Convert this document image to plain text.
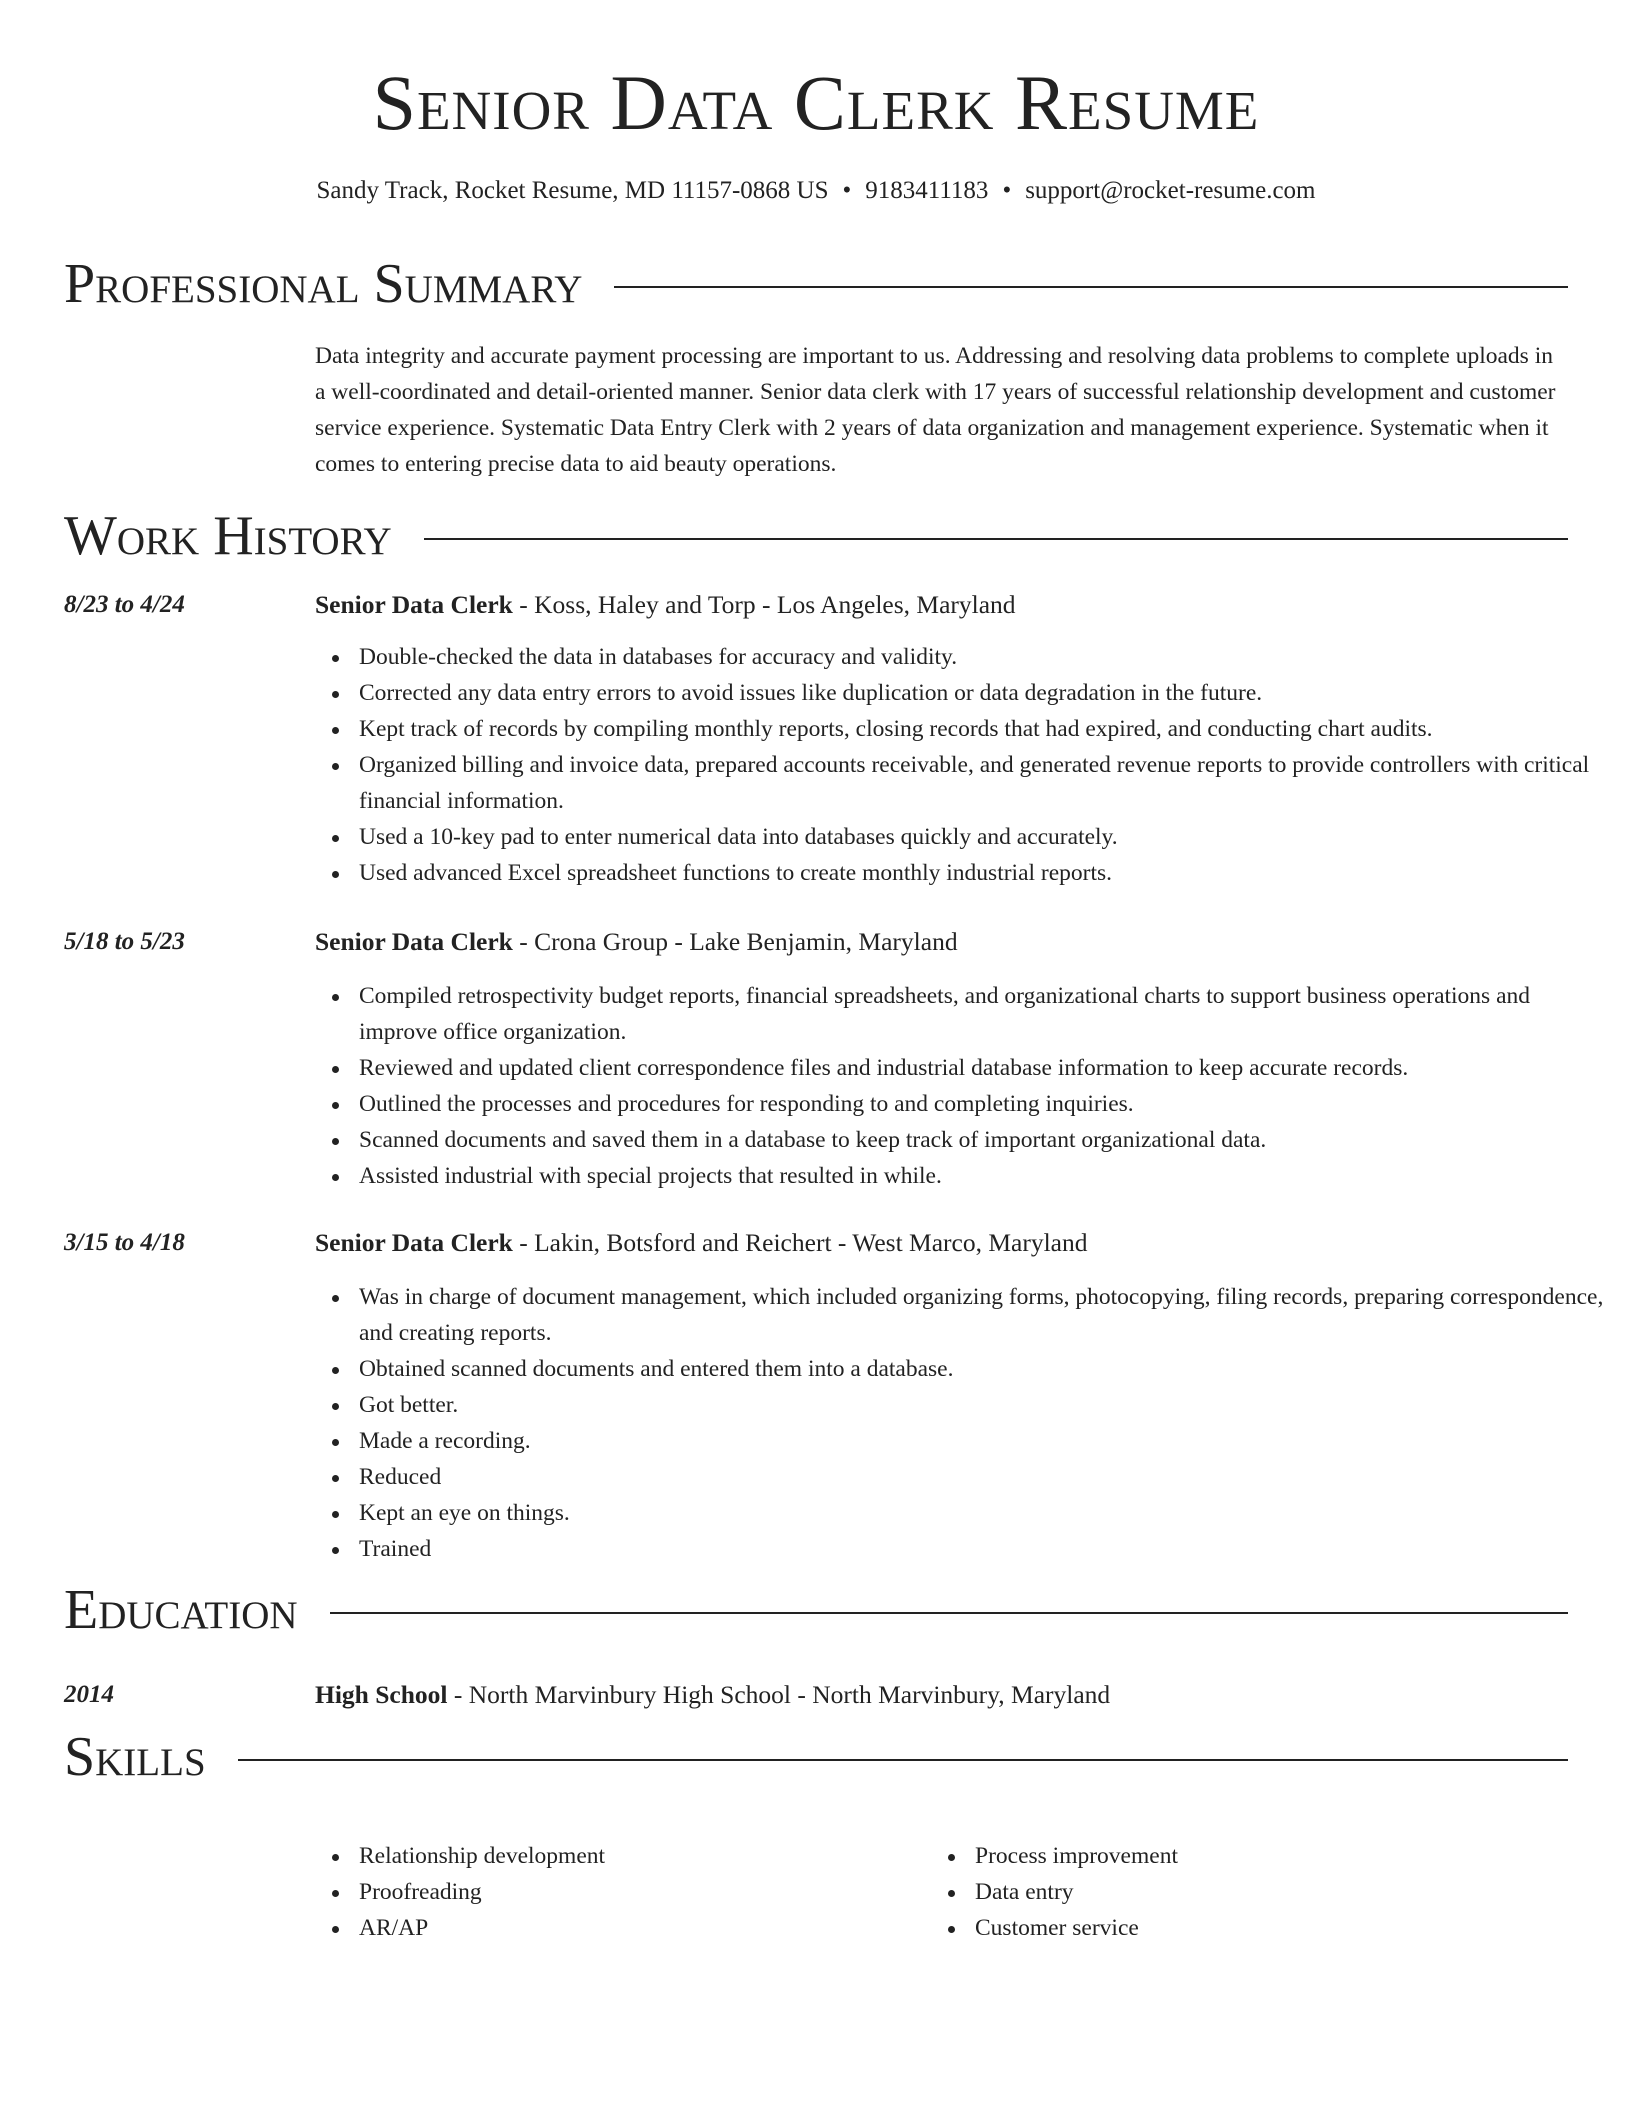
Senior Data Clerk Resume
Sandy Track, Rocket Resume, MD 11157-0868 US • 9183411183 • support@rocket-resume.com
Professional Summary

Data integrity and accurate payment processing are important to us. Addressing and resolving data problems to complete uploads in a well-coordinated and detail-oriented manner. Senior data clerk with 17 years of successful relationship development and customer service experience. Systematic Data Entry Clerk with 2 years of data organization and management experience. Systematic when it comes to entering precise data to aid beauty operations.

Work History
8/23 to 4/24	Senior Data Clerk - Koss, Haley and Torp - Los Angeles, Maryland
Double-checked the data in databases for accuracy and validity.
Corrected any data entry errors to avoid issues like duplication or data degradation in the future.
Kept track of records by compiling monthly reports, closing records that had expired, and conducting chart audits.
Organized billing and invoice data, prepared accounts receivable, and generated revenue reports to provide controllers with critical financial information.
Used a 10-key pad to enter numerical data into databases quickly and accurately.
Used advanced Excel spreadsheet functions to create monthly industrial reports.
5/18 to 5/23	Senior Data Clerk - Crona Group - Lake Benjamin, Maryland
Compiled retrospectivity budget reports, financial spreadsheets, and organizational charts to support business operations and improve office organization.
Reviewed and updated client correspondence files and industrial database information to keep accurate records.
Outlined the processes and procedures for responding to and completing inquiries.
Scanned documents and saved them in a database to keep track of important organizational data.
Assisted industrial with special projects that resulted in while.
3/15 to 4/18	Senior Data Clerk - Lakin, Botsford and Reichert - West Marco, Maryland
Was in charge of document management, which included organizing forms, photocopying, filing records, preparing correspondence, and creating reports.
Obtained scanned documents and entered them into a database.
Got better.
Made a recording.
Reduced
Kept an eye on things.
Trained
Education
2014	High School - North Marvinbury High School - North Marvinbury, Maryland
Skills
Relationship development
Proofreading
AR/AP
Process improvement
Data entry
Customer service
